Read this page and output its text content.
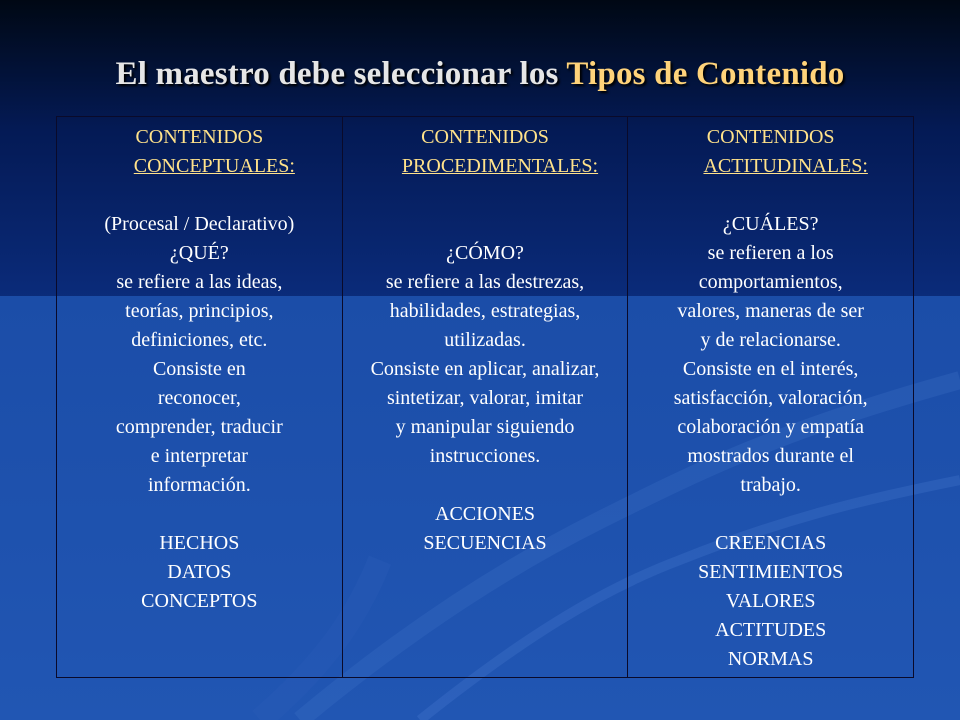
El maestro debe seleccionar los Tipos de Contenido
CONTENIDOS
CONCEPTUALES:
(Procesal / Declarativo)
¿QUÉ?
se refiere a las ideas,
teorías, principios,
definiciones, etc.
Consiste en
reconocer,
comprender, traducir
e interpretar
información.
HECHOS
DATOS
CONCEPTOS
CONTENIDOS
PROCEDIMENTALES:
¿CÓMO?
se refiere a las destrezas,
habilidades, estrategias,
utilizadas.
Consiste en aplicar, analizar,
sintetizar, valorar, imitar
y manipular siguiendo
instrucciones.
ACCIONES
SECUENCIAS
CONTENIDOS
ACTITUDINALES:
¿CUÁLES?
se refieren a los
comportamientos,
valores, maneras de ser
y de relacionarse.
Consiste en el interés,
satisfacción, valoración,
colaboración y empatía
mostrados durante el
trabajo.
CREENCIAS
SENTIMIENTOS
VALORES
ACTITUDES
NORMAS
